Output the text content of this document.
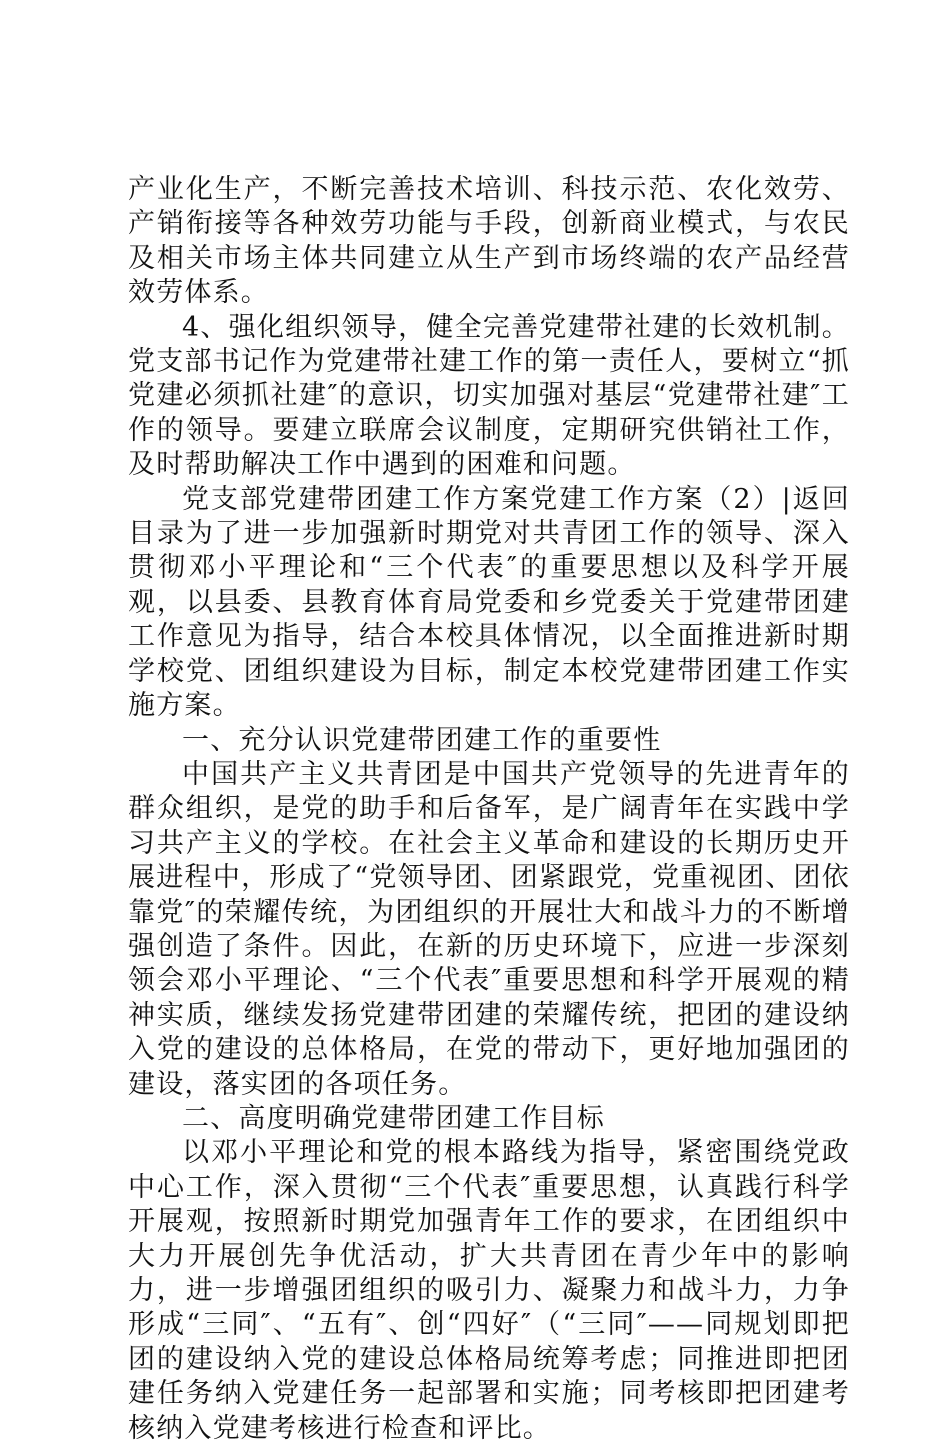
产业化生产，不断完善技术培训、科技示范、农化效劳、产销衔接等各种效劳功能与手段，创新商业模式，与农民及相关市场主体共同建立从生产到市场终端的农产品经营效劳体系。

4、强化组织领导，健全完善党建带社建的长效机制。党支部书记作为党建带社建工作的第一责任人，要树立“抓党建必须抓社建″的意识，切实加强对基层“党建带社建″工作的领导。要建立联席会议制度，定期研究供销社工作，及时帮助解决工作中遇到的困难和问题。

党支部党建带团建工作方案党建工作方案（2）|返回目录为了进一步加强新时期党对共青团工作的领导、深入贯彻邓小平理论和“三个代表″的重要思想以及科学开展观，以县委、县教育体育局党委和乡党委关于党建带团建工作意见为指导，结合本校具体情况，以全面推进新时期学校党、团组织建设为目标，制定本校党建带团建工作实施方案。

一、充分认识党建带团建工作的重要性

中国共产主义共青团是中国共产党领导的先进青年的群众组织，是党的助手和后备军，是广阔青年在实践中学习共产主义的学校。在社会主义革命和建设的长期历史开展进程中，形成了“党领导团、团紧跟党，党重视团、团依靠党″的荣耀传统，为团组织的开展壮大和战斗力的不断增强创造了条件。因此，在新的历史环境下，应进一步深刻领会邓小平理论、“三个代表″重要思想和科学开展观的精神实质，继续发扬党建带团建的荣耀传统，把团的建设纳入党的建设的总体格局，在党的带动下，更好地加强团的建设，落实团的各项任务。

二、高度明确党建带团建工作目标

以邓小平理论和党的根本路线为指导，紧密围绕党政中心工作，深入贯彻“三个代表″重要思想，认真践行科学开展观，按照新时期党加强青年工作的要求，在团组织中大力开展创先争优活动，扩大共青团在青少年中的影响力，进一步增强团组织的吸引力、凝聚力和战斗力，力争形成“三同″、“五有″、创“四好″（“三同″——同规划即把团的建设纳入党的建设总体格局统筹考虑；同推进即把团建任务纳入党建任务一起部署和实施；同考核即把团建考核纳入党建考核进行检查和评比。
